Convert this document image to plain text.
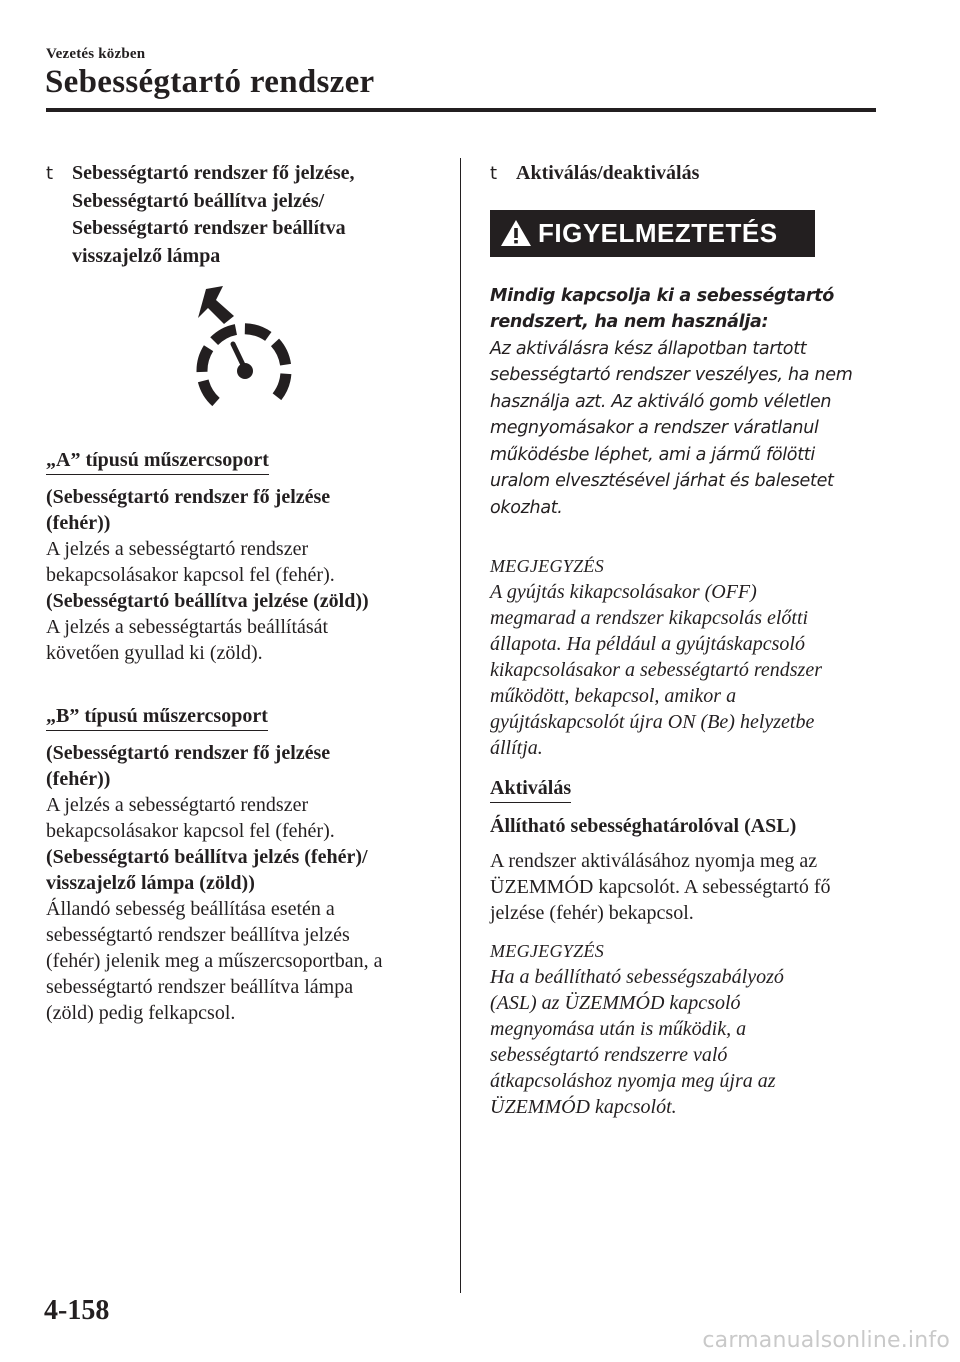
Vezetés közben
Sebességtartó rendszer
t Sebességtartó rendszer fő jelzése,
Sebességtartó beállítva jelzés/
Sebességtartó rendszer beállítva
visszajelző lámpa
„A” típusú műszercsoport
(Sebességtartó rendszer fő jelzése
(fehér))
A jelzés a sebességtartó rendszer
bekapcsolásakor kapcsol fel (fehér).
(Sebességtartó beállítva jelzése (zöld))
A jelzés a sebességtartás beállítását
követően gyullad ki (zöld).
„B” típusú műszercsoport
(Sebességtartó rendszer fő jelzése
(fehér))
A jelzés a sebességtartó rendszer
bekapcsolásakor kapcsol fel (fehér).
(Sebességtartó beállítva jelzés (fehér)/
visszajelző lámpa (zöld))
Állandó sebesség beállítása esetén a
sebességtartó rendszer beállítva jelzés
(fehér) jelenik meg a műszercsoportban, a
sebességtartó rendszer beállítva lámpa
(zöld) pedig felkapcsol.
t Aktiválás/deaktiválás
FIGYELMEZTETÉS
Mindig kapcsolja ki a sebességtartó
rendszert, ha nem használja:
Az aktiválásra kész állapotban tartott
sebességtartó rendszer veszélyes, ha nem
használja azt. Az aktiváló gomb véletlen
megnyomásakor a rendszer váratlanul
működésbe léphet, ami a jármű fölötti
uralom elvesztésével járhat és balesetet
okozhat.
MEGJEGYZÉS
A gyújtás kikapcsolásakor (OFF)
megmarad a rendszer kikapcsolás előtti
állapota. Ha például a gyújtáskapcsoló
kikapcsolásakor a sebességtartó rendszer
működött, bekapcsol, amikor a
gyújtáskapcsolót újra ON (Be) helyzetbe
állítja.
Aktiválás
Állítható sebességhatárolóval (ASL)
A rendszer aktiválásához nyomja meg az
ÜZEMMÓD kapcsolót. A sebességtartó fő
jelzése (fehér) bekapcsol.
MEGJEGYZÉS
Ha a beállítható sebességszabályozó
(ASL) az ÜZEMMÓD kapcsoló
megnyomása után is működik, a
sebességtartó rendszerre való
átkapcsoláshoz nyomja meg újra az
ÜZEMMÓD kapcsolót.
4-158
carmanualsonline.info
